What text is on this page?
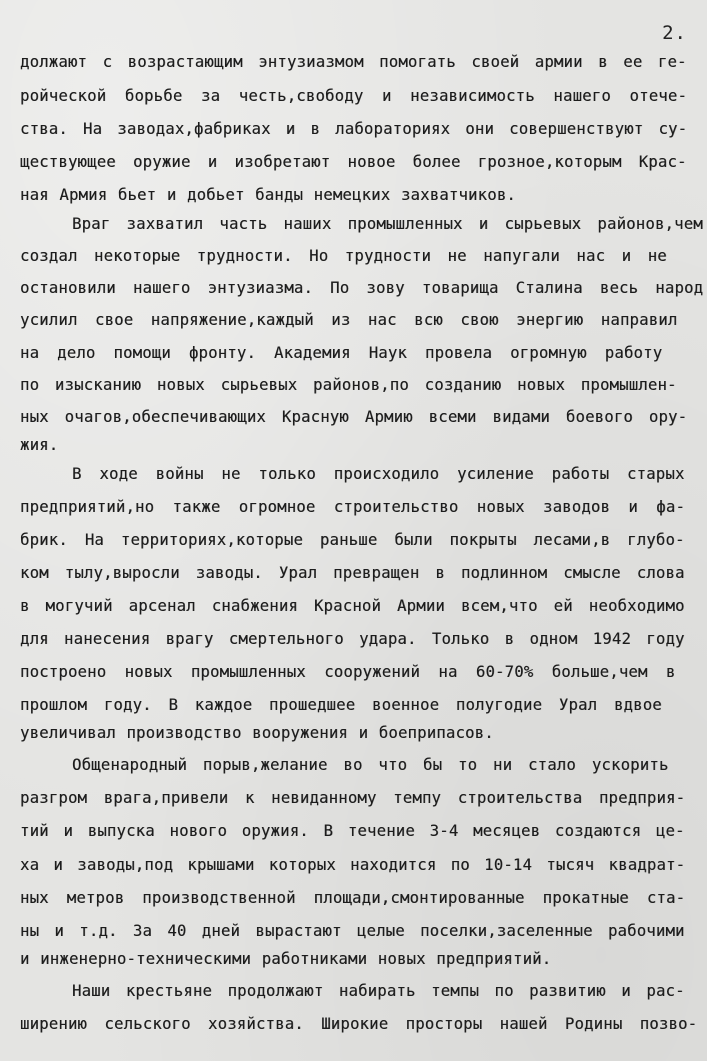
2.
должают с возрастающим энтузиазмом помогать своей армии в ее ге-
ройческой борьбе за честь,свободу и независимость нашего отече-
ства. На заводах,фабриках и в лабораториях они совершенствуют су-
ществующее оружие и изобретают новое более грозное,которым Крас-
ная Армия бьет и добьет банды немецких захватчиков.
Враг захватил часть наших промышленных и сырьевых районов,чем
создал некоторые трудности. Но трудности не напугали нас и не
остановили нашего энтузиазма. По зову товарища Сталина весь народ
усилил свое напряжение,каждый из нас всю свою энергию направил
на дело помощи фронту. Академия Наук провела огромную работу
по изысканию новых сырьевых районов,по созданию новых промышлен-
ных очагов,обеспечивающих Красную Армию всеми видами боевого ору-
жия.
В ходе войны не только происходило усиление работы старых
предприятий,но также огромное строительство новых заводов и фа-
брик. На территориях,которые раньше были покрыты лесами,в глубо-
ком тылу,выросли заводы. Урал превращен в подлинном смысле слова
в могучий арсенал снабжения Красной Армии всем,что ей необходимо
для нанесения врагу смертельного удара. Только в одном 1942 году
построено новых промышленных сооружений на 60-70% больше,чем в
прошлом году. В каждое прошедшее военное полугодие Урал вдвое
увеличивал производство вооружения и боеприпасов.
Общенародный порыв,желание во что бы то ни стало ускорить
разгром врага,привели к невиданному темпу строительства предприя-
тий и выпуска нового оружия. В течение 3-4 месяцев создаются це-
ха и заводы,под крышами которых находится по 10-14 тысяч квадрат-
ных метров производственной площади,смонтированные прокатные ста-
ны и т.д. За 40 дней вырастают целые поселки,заселенные рабочими
и инженерно-техническими работниками новых предприятий.
Наши крестьяне продолжают набирать темпы по развитию и рас-
ширению сельского хозяйства. Широкие просторы нашей Родины позво-
